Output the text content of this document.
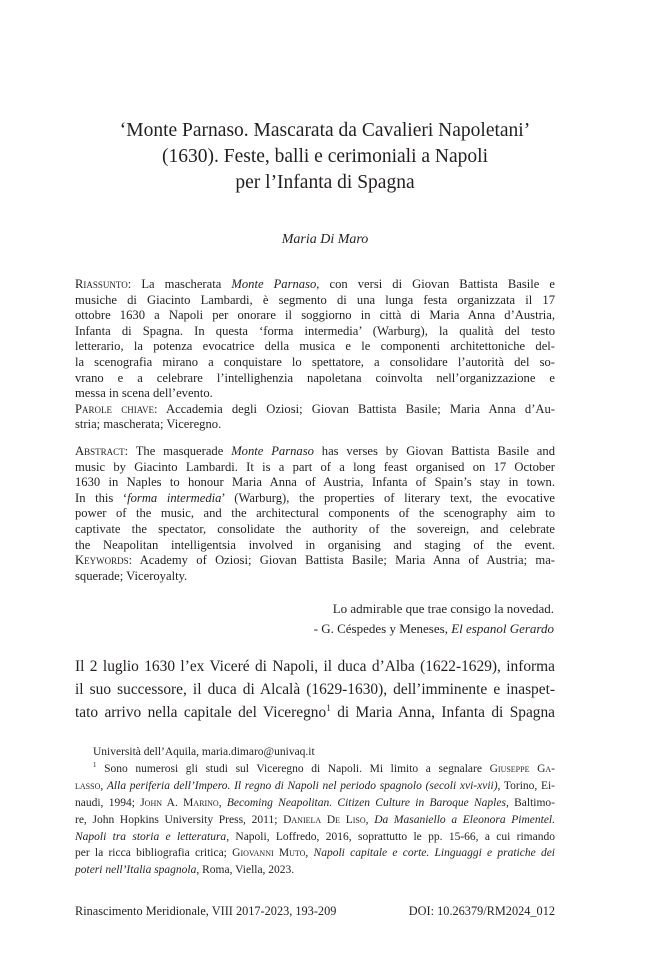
‘Monte Parnaso. Mascarata da Cavalieri Napoletani’
(1630). Feste, balli e cerimoniali a Napoli
per l’Infanta di Spagna
Maria Di Maro
Riassunto: La mascherata Monte Parnaso, con versi di Giovan Battista Basile e
musiche di Giacinto Lambardi, è segmento di una lunga festa organizzata il 17
ottobre 1630 a Napoli per onorare il soggiorno in città di Maria Anna d’Austria,
Infanta di Spagna. In questa ‘forma intermedia’ (Warburg), la qualità del testo
letterario, la potenza evocatrice della musica e le componenti architettoniche del-
la scenografia mirano a conquistare lo spettatore, a consolidare l’autorità del so-
vrano e a celebrare l’intellighenzia napoletana coinvolta nell’organizzazione e
messa in scena dell’evento.
Parole chiave: Accademia degli Oziosi; Giovan Battista Basile; Maria Anna d’Au-
stria; mascherata; Viceregno.
Abstract: The masquerade Monte Parnaso has verses by Giovan Battista Basile and
music by Giacinto Lambardi. It is a part of a long feast organised on 17 October
1630 in Naples to honour Maria Anna of Austria, Infanta of Spain’s stay in town.
In this ‘forma intermedia’ (Warburg), the properties of literary text, the evocative
power of the music, and the architectural components of the scenography aim to
captivate the spectator, consolidate the authority of the sovereign, and celebrate
the Neapolitan intelligentsia involved in organising and staging of the event.
Keywords: Academy of Oziosi; Giovan Battista Basile; Maria Anna of Austria; ma-
squerade; Viceroyalty.
Lo admirable que trae consigo la novedad.
- G. Céspedes y Meneses, El espanol Gerardo
Il 2 luglio 1630 l’ex Viceré di Napoli, il duca d’Alba (1622-1629), informa
il suo successore, il duca di Alcalà (1629-1630), dell’imminente e inaspet-
tato arrivo nella capitale del Viceregno$^1$ di Maria Anna, Infanta di Spagna
Università dell’Aquila, maria.dimaro@univaq.it
$^1$ Sono numerosi gli studi sul Viceregno di Napoli. Mi limito a segnalare Giuseppe Ga-
lasso, Alla periferia dell’Impero. Il regno di Napoli nel periodo spagnolo (secoli xvi-xvii), Torino, Ei-
naudi, 1994; John A. Marino, Becoming Neapolitan. Citizen Culture in Baroque Naples, Baltimo-
re, John Hopkins University Press, 2011; Daniela De Liso, Da Masaniello a Eleonora Pimentel.
Napoli tra storia e letteratura, Napoli, Loffredo, 2016, soprattutto le pp. 15-66, a cui rimando
per la ricca bibliografia critica; Giovanni Muto, Napoli capitale e corte. Linguaggi e pratiche dei
poteri nell’Italia spagnola, Roma, Viella, 2023.
Rinascimento Meridionale, VIII 2017-2023, 193-209	DOI: 10.26379/RM2024_012
